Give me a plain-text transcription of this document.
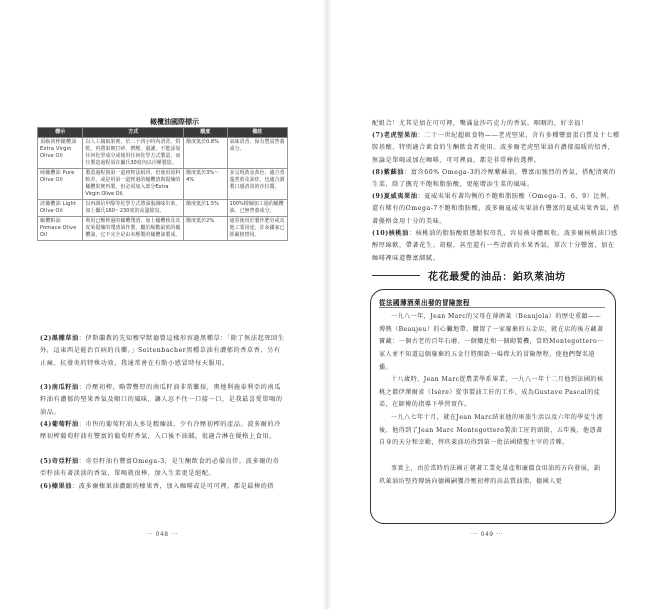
橄欖油國際標示
標示	方式	酸度	備註
頂級初榨橄欖油 Extra Virgin Olive Oil	以人工摘取果實，於二十四小時內清洗、烘乾，再將果實打碎、擠壓，過濾，不能添加任何化學成分或使用任何化學方式製造，而且製造過程須在攝氏30度內以冷壓製造。	酸度低於0.8%	氣味清香，保有豐富營養成分。
純橄欖油 Pure Olive Oil	製造過程與第一道初榨法相同，但使用原料較差，或是用第一道榨過的橄欖渣與提煉的橄欖果實再製，但必須加入部分Extra Virgin Olive Oil。	酸度低於3%〜4%	多呈現黃金黃色，適合蒸溫煮煎及油炸，也適合調製口感清淡的沙拉醬。
淡橄欖油 Light Olive Oil	以再調信甲醇等化學方式將油脂調味出來，加上攝氏160〜230度的高溫除臭。	酸度低於1.5%	100%精煉加工過的橄欖油，已無營養成分。
橄欖粕油 Pomace Olive Oil	利用已壓榨過的橄欖殘渣，加上橄欖核及其皮來提煉的殘渣油作製，屬於級數最低的橄欖油，它不完全是由未壓製的橄欖油製成。	酸度低於2%	通常使用於製作肥皂或其他工業用途，許多國家已經嚴格禁用。
(2)黑種草油：伊斯蘭教的先知穆罕默德曾這樣形容過黑種草：「除了無法起死回生外，這東西是能治百病的良藥。」Seitenbacher黑種草油有濃郁的香草香，另有止痛、抗發炎的特殊功效，我通常會在有點小感冒時每天服用。
(3)南瓜籽油：冷壓初榨，略帶豐厚的南瓜籽油非常難採，奧地利施泰利亞的南瓜籽油有濃郁的堅果香氣及順口的風味，讓人忍不住一口接一口，是我最喜愛單喝的油品。
(4)葡萄籽油：市售的葡萄籽油大多是精煉油，少有冷壓初榨的產品。波多爾的冷壓初榨葡萄籽油有豐富的葡萄籽香氣，入口後不油膩，很適合淋在優格上食用。
(5)奇亞籽油：奇亞籽油有豐富Omega-3，是生酮飲食的必備良伴。波多爾的奇亞籽油有著淡淡的香氣，單喝就很棒，加入生菜更是絕配。
(6)榛果油：波多爾榛果油濃縮的榛果香，加入咖啡或是可可裡，都是最棒的搭
··· 048 ···
配組合！尤其是加在可可裡，嘴滿盆莎巧克力的香氣，咽咽的，好幸福！
(7)老虎堅果油：二十一世紀超級食物——老虎堅果，含有多種豐富蛋白質及十七種胺基酸，特別適合素食的生酮飲食者使用。波多爾老虎堅果油有濃郁溫暖的焙香，無論是單喝或加在咖啡、可可裡面，都是非常棒的選擇。
(8)紫蘇油：富含60% Omega-3的冷壓紫蘇油，豐富而強烈的香氣，搭配清爽的生菜，除了撫充不飽和脂肪酸，更能增添生菜的風味。
(9)夏威夷果油：夏威夷果有著均衡的不飽和脂肪酸（Omega-3、6、9）比例，還有稀有的Omega-7不飽和脂肪酸，波多爾夏威夷果油有豐富的夏威夷果香氣，搭著優格食用十分的美味。
(10)核桃油：核桃油的脂肪酸組態類似母乳，容易被身體吸收。波多爾核桃油口感醇厚綿軟，帶著花生、胡椒，甚至還有一些清新的水果香氣，單次十分豐富，加在咖啡裡味道豐富細膩。
花花最愛的油品：鉑玖萊油坊
從法國薄酒萊出發的冒險旅程
一九八一年，Jean Marc的父母在薄酒萊（Beaujola）的歷史重鎮——博熱（Beaujeu）的心臟地帶，購置了一家廢棄的五金店，就在店的後方藏著寶藏：一個古老的百年石磨、一個爐灶和一個砌製機，當時Montegottero一家人並不知道這個廢棄的五金行將開啟一場偉大的冒險歷程，使他們聲名遠播。
十八歲時，Jean Marc從農業學系畢業，一九八一年十二月他到法國的核桃之都伊澤爾省（Isère）從事製油工匠的工作，成為Gustave Pascal的徒弟，在師傅的指導下學習實作。
一九八七年十月，就在Jean Marc結束他的軍旅生活以及六年的學徒生涯後，他得到了Jean Marc Montegottero製油工匠的頭銜，五年後，他憑著自身的天分和幸勤，替玖萊油坊得到第一批法國積聖主宰的青睞。
事實上，由於當時的法國正朝著工業化量產和廉價食用油的方向發展，鉑玖萊油坊堅持傳統向德國嗣獲冷壓初榨的高品質油脂，德國人更
··· 049 ···
